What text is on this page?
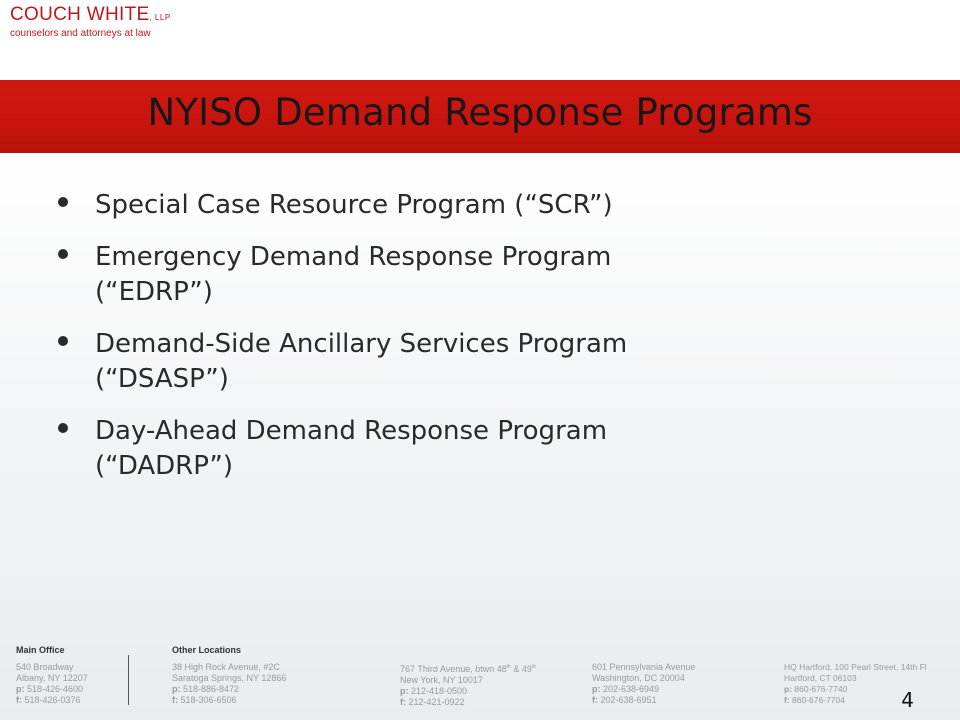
COUCH WHITE, LLP
counselors and attorneys at law
NYISO Demand Response Programs
Special Case Resource Program (“SCR”)
Emergency Demand Response Program
(“EDRP”)
Demand-Side Ancillary Services Program
(“DSASP”)
Day-Ahead Demand Response Program
(“DADRP”)
Main Office	Other Locations
540 Broadway
Albany, NY 12207
p: 518-426-4600
f: 518-426-0376
38 High Rock Avenue, #2C
Saratoga Springs, NY 12866
p: 518-886-8472
f: 518-306-6506
767 Third Avenue, btwn 48th & 49th
New York, NY 10017
p: 212-418-0500
f: 212-421-0922
601 Pennsylvania Avenue
Washington, DC 20004
p: 202-638-6949
f: 202-638-6951
HQ Hartford, 100 Pearl Street, 14th Fl
Hartford, CT 06103
p: 860-676-7740
f: 860-676-7704	4
